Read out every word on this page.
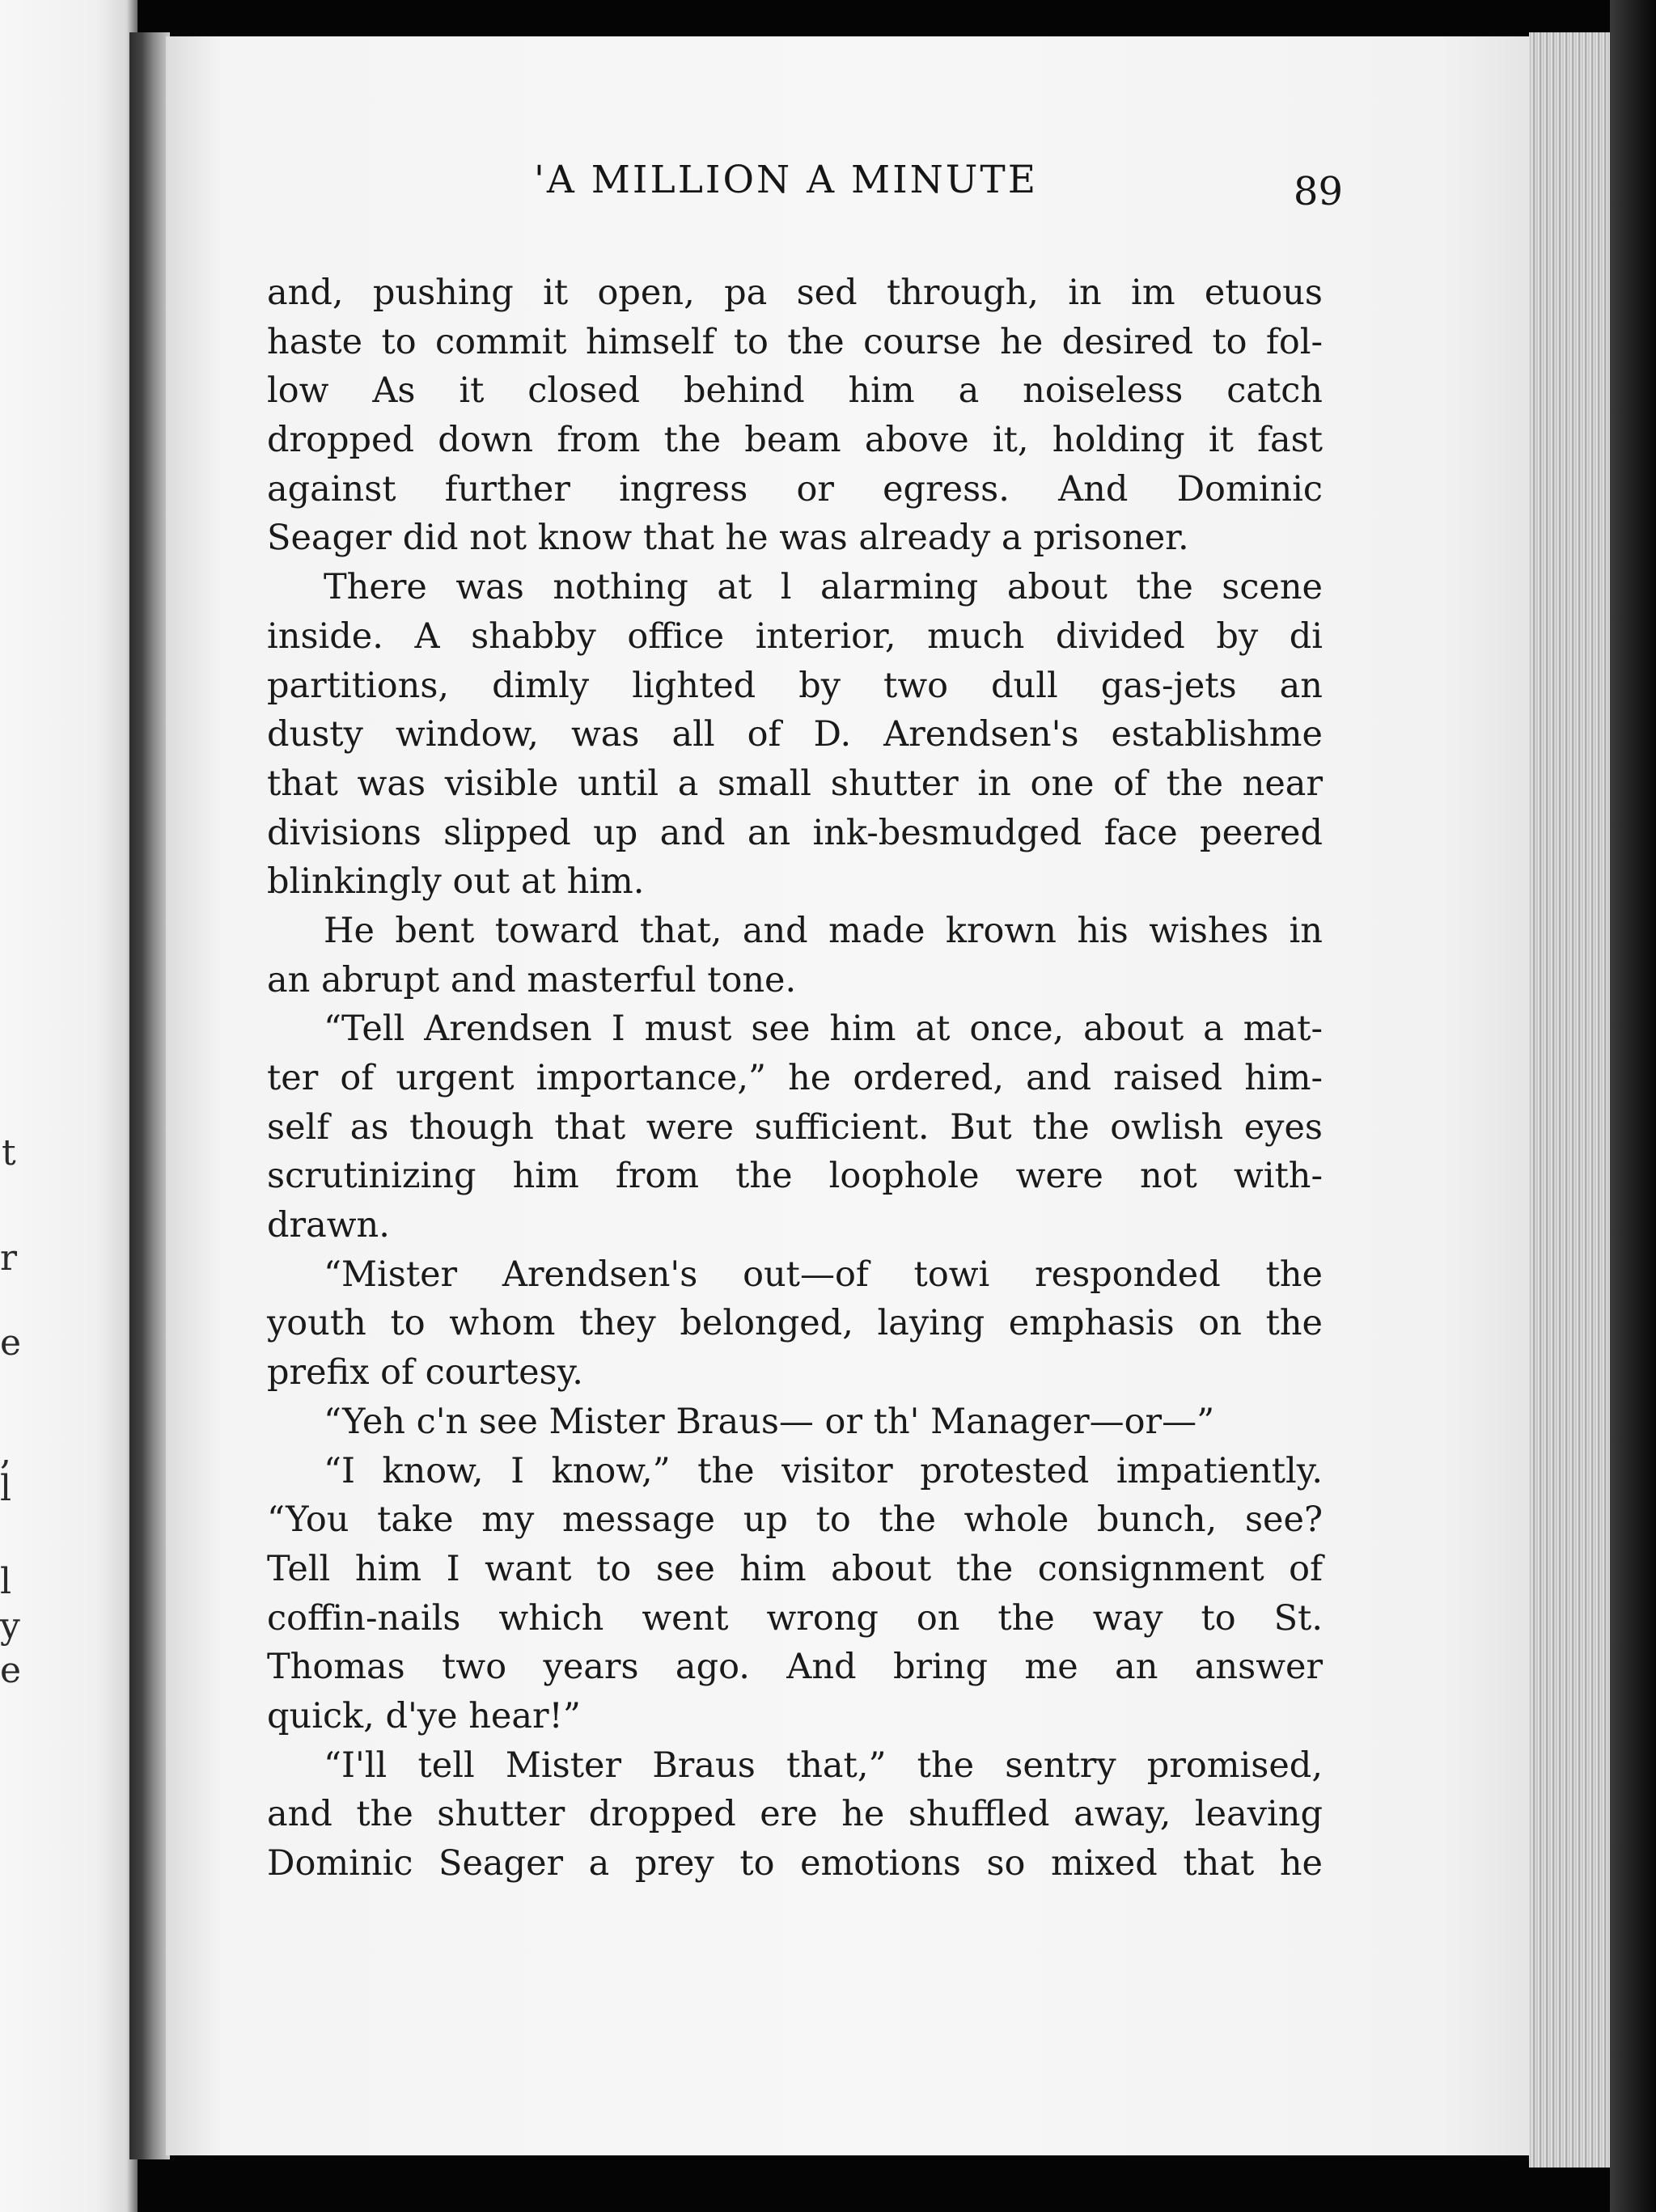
t
r
e
,
l
l
y
e
'A MILLION A MINUTE	89
and, pushing it open, pa sed through, in im etuous
haste to commit himself to the course he desired to fol-
low As it closed behind him a noiseless catch
dropped down from the beam above it, holding it fast
against further ingress or egress. And Dominic
Seager did not know that he was already a prisoner.
There was nothing at l alarming about the scene
inside. A shabby office interior, much divided by di
partitions, dimly lighted by two dull gas-jets an
dusty window, was all of D. Arendsen's establishme
that was visible until a small shutter in one of the near
divisions slipped up and an ink-besmudged face peered
blinkingly out at him.
He bent toward that, and made krown his wishes in
an abrupt and masterful tone.
“Tell Arendsen I must see him at once, about a mat-
ter of urgent importance,” he ordered, and raised him-
self as though that were sufficient. But the owlish eyes
scrutinizing him from the loophole were not with-
drawn.
“Mister Arendsen's out—of towi responded the
youth to whom they belonged, laying emphasis on the
prefix of courtesy.
“Yeh c'n see Mister Braus— or th' Manager—or—”
“I know, I know,” the visitor protested impatiently.
“You take my message up to the whole bunch, see?
Tell him I want to see him about the consignment of
coffin-nails which went wrong on the way to St.
Thomas two years ago. And bring me an answer
quick, d'ye hear!”
“I'll tell Mister Braus that,” the sentry promised,
and the shutter dropped ere he shuffled away, leaving
Dominic Seager a prey to emotions so mixed that he
